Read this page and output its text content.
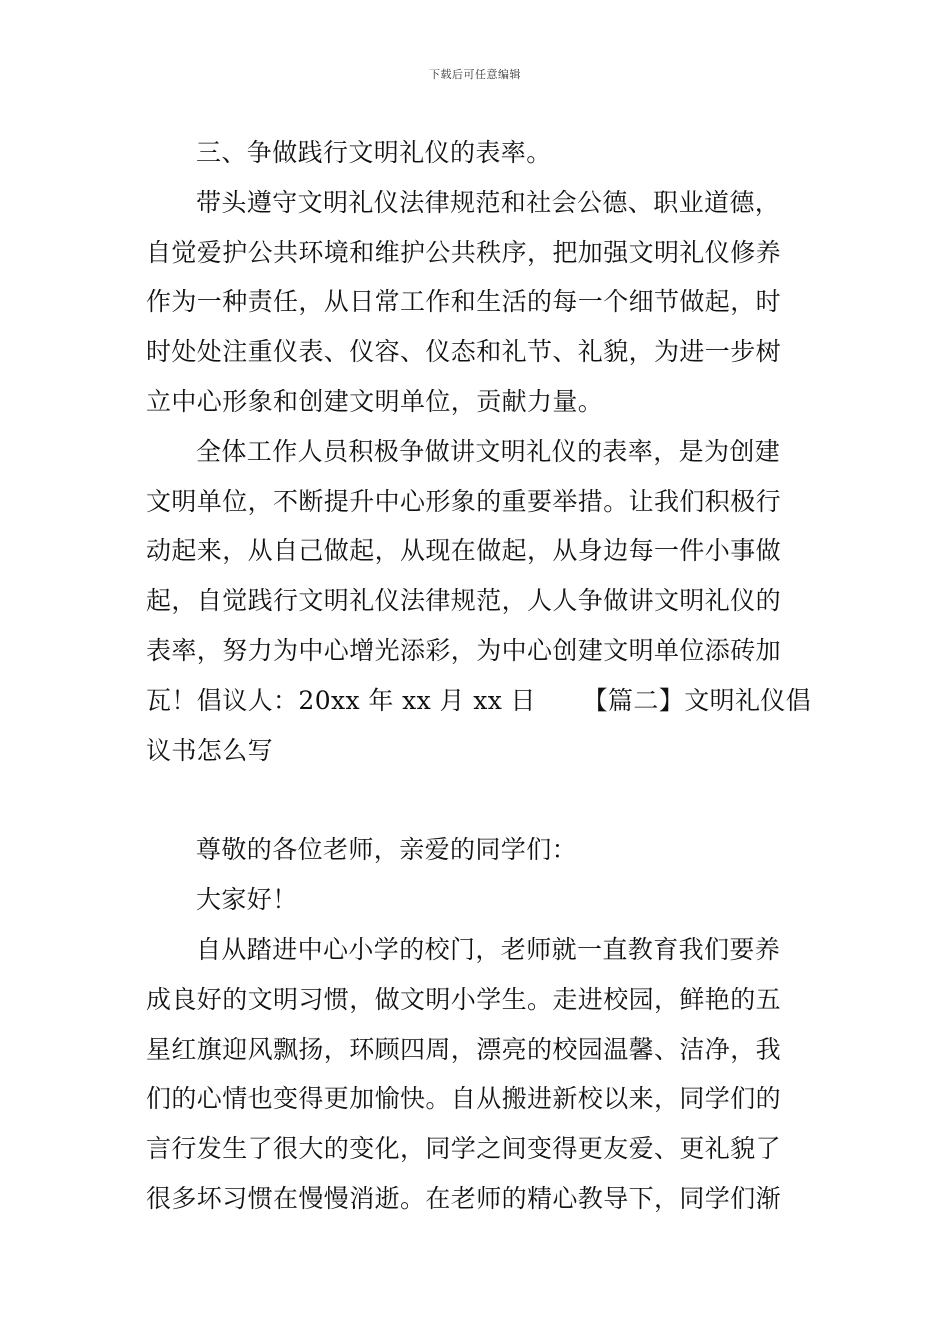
下载后可任意编辑
三、争做践行文明礼仪的表率。
带头遵守文明礼仪法律规范和社会公德、职业道德，
自觉爱护公共环境和维护公共秩序，把加强文明礼仪修养
作为一种责任，从日常工作和生活的每一个细节做起，时
时处处注重仪表、仪容、仪态和礼节、礼貌，为进一步树
立中心形象和创建文明单位，贡献力量。
全体工作人员积极争做讲文明礼仪的表率，是为创建
文明单位，不断提升中心形象的重要举措。让我们积极行
动起来，从自己做起，从现在做起，从身边每一件小事做
起，自觉践行文明礼仪法律规范，人人争做讲文明礼仪的
表率，努力为中心增光添彩，为中心创建文明单位添砖加
瓦！倡议人：20xx 年 xx 月 xx 日 　　【篇二】文明礼仪倡
议书怎么写
尊敬的各位老师，亲爱的同学们：
大家好！
自从踏进中心小学的校门，老师就一直教育我们要养
成良好的文明习惯，做文明小学生。走进校园，鲜艳的五
星红旗迎风飘扬，环顾四周，漂亮的校园温馨、洁净，我
们的心情也变得更加愉快。自从搬进新校以来，同学们的
言行发生了很大的变化，同学之间变得更友爱、更礼貌了
很多坏习惯在慢慢消逝。在老师的精心教导下，同学们渐
